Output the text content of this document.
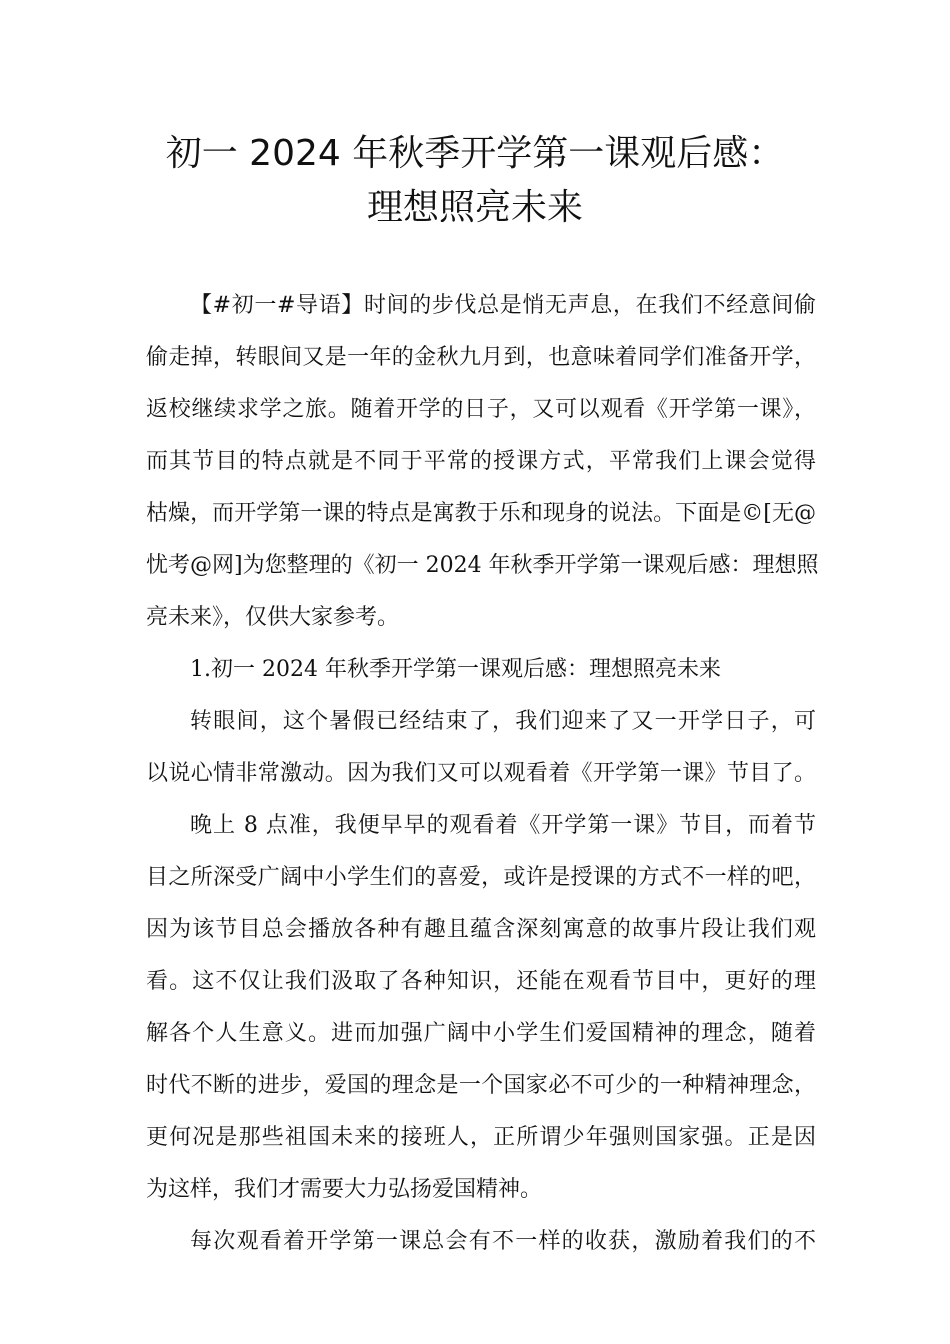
初一 2024 年秋季开学第一课观后感：
理想照亮未来
【#初一#导语】时间的步伐总是悄无声息，在我们不经意间偷
偷走掉，转眼间又是一年的金秋九月到，也意味着同学们准备开学，
返校继续求学之旅。随着开学的日子，又可以观看《开学第一课》，
而其节目的特点就是不同于平常的授课方式，平常我们上课会觉得
枯燥，而开学第一课的特点是寓教于乐和现身的说法。下面是©[无@
忧考@网]为您整理的《初一 2024 年秋季开学第一课观后感：理想照
亮未来》，仅供大家参考。
1.初一 2024 年秋季开学第一课观后感：理想照亮未来
转眼间，这个暑假已经结束了，我们迎来了又一开学日子，可
以说心情非常激动。因为我们又可以观看着《开学第一课》节目了。
晚上 8 点准，我便早早的观看着《开学第一课》节目，而着节
目之所深受广阔中小学生们的喜爱，或许是授课的方式不一样的吧，
因为该节目总会播放各种有趣且蕴含深刻寓意的故事片段让我们观
看。这不仅让我们汲取了各种知识，还能在观看节目中，更好的理
解各个人生意义。进而加强广阔中小学生们爱国精神的理念，随着
时代不断的进步，爱国的理念是一个国家必不可少的一种精神理念，
更何况是那些祖国未来的接班人，正所谓少年强则国家强。正是因
为这样，我们才需要大力弘扬爱国精神。
每次观看着开学第一课总会有不一样的收获，激励着我们的不
